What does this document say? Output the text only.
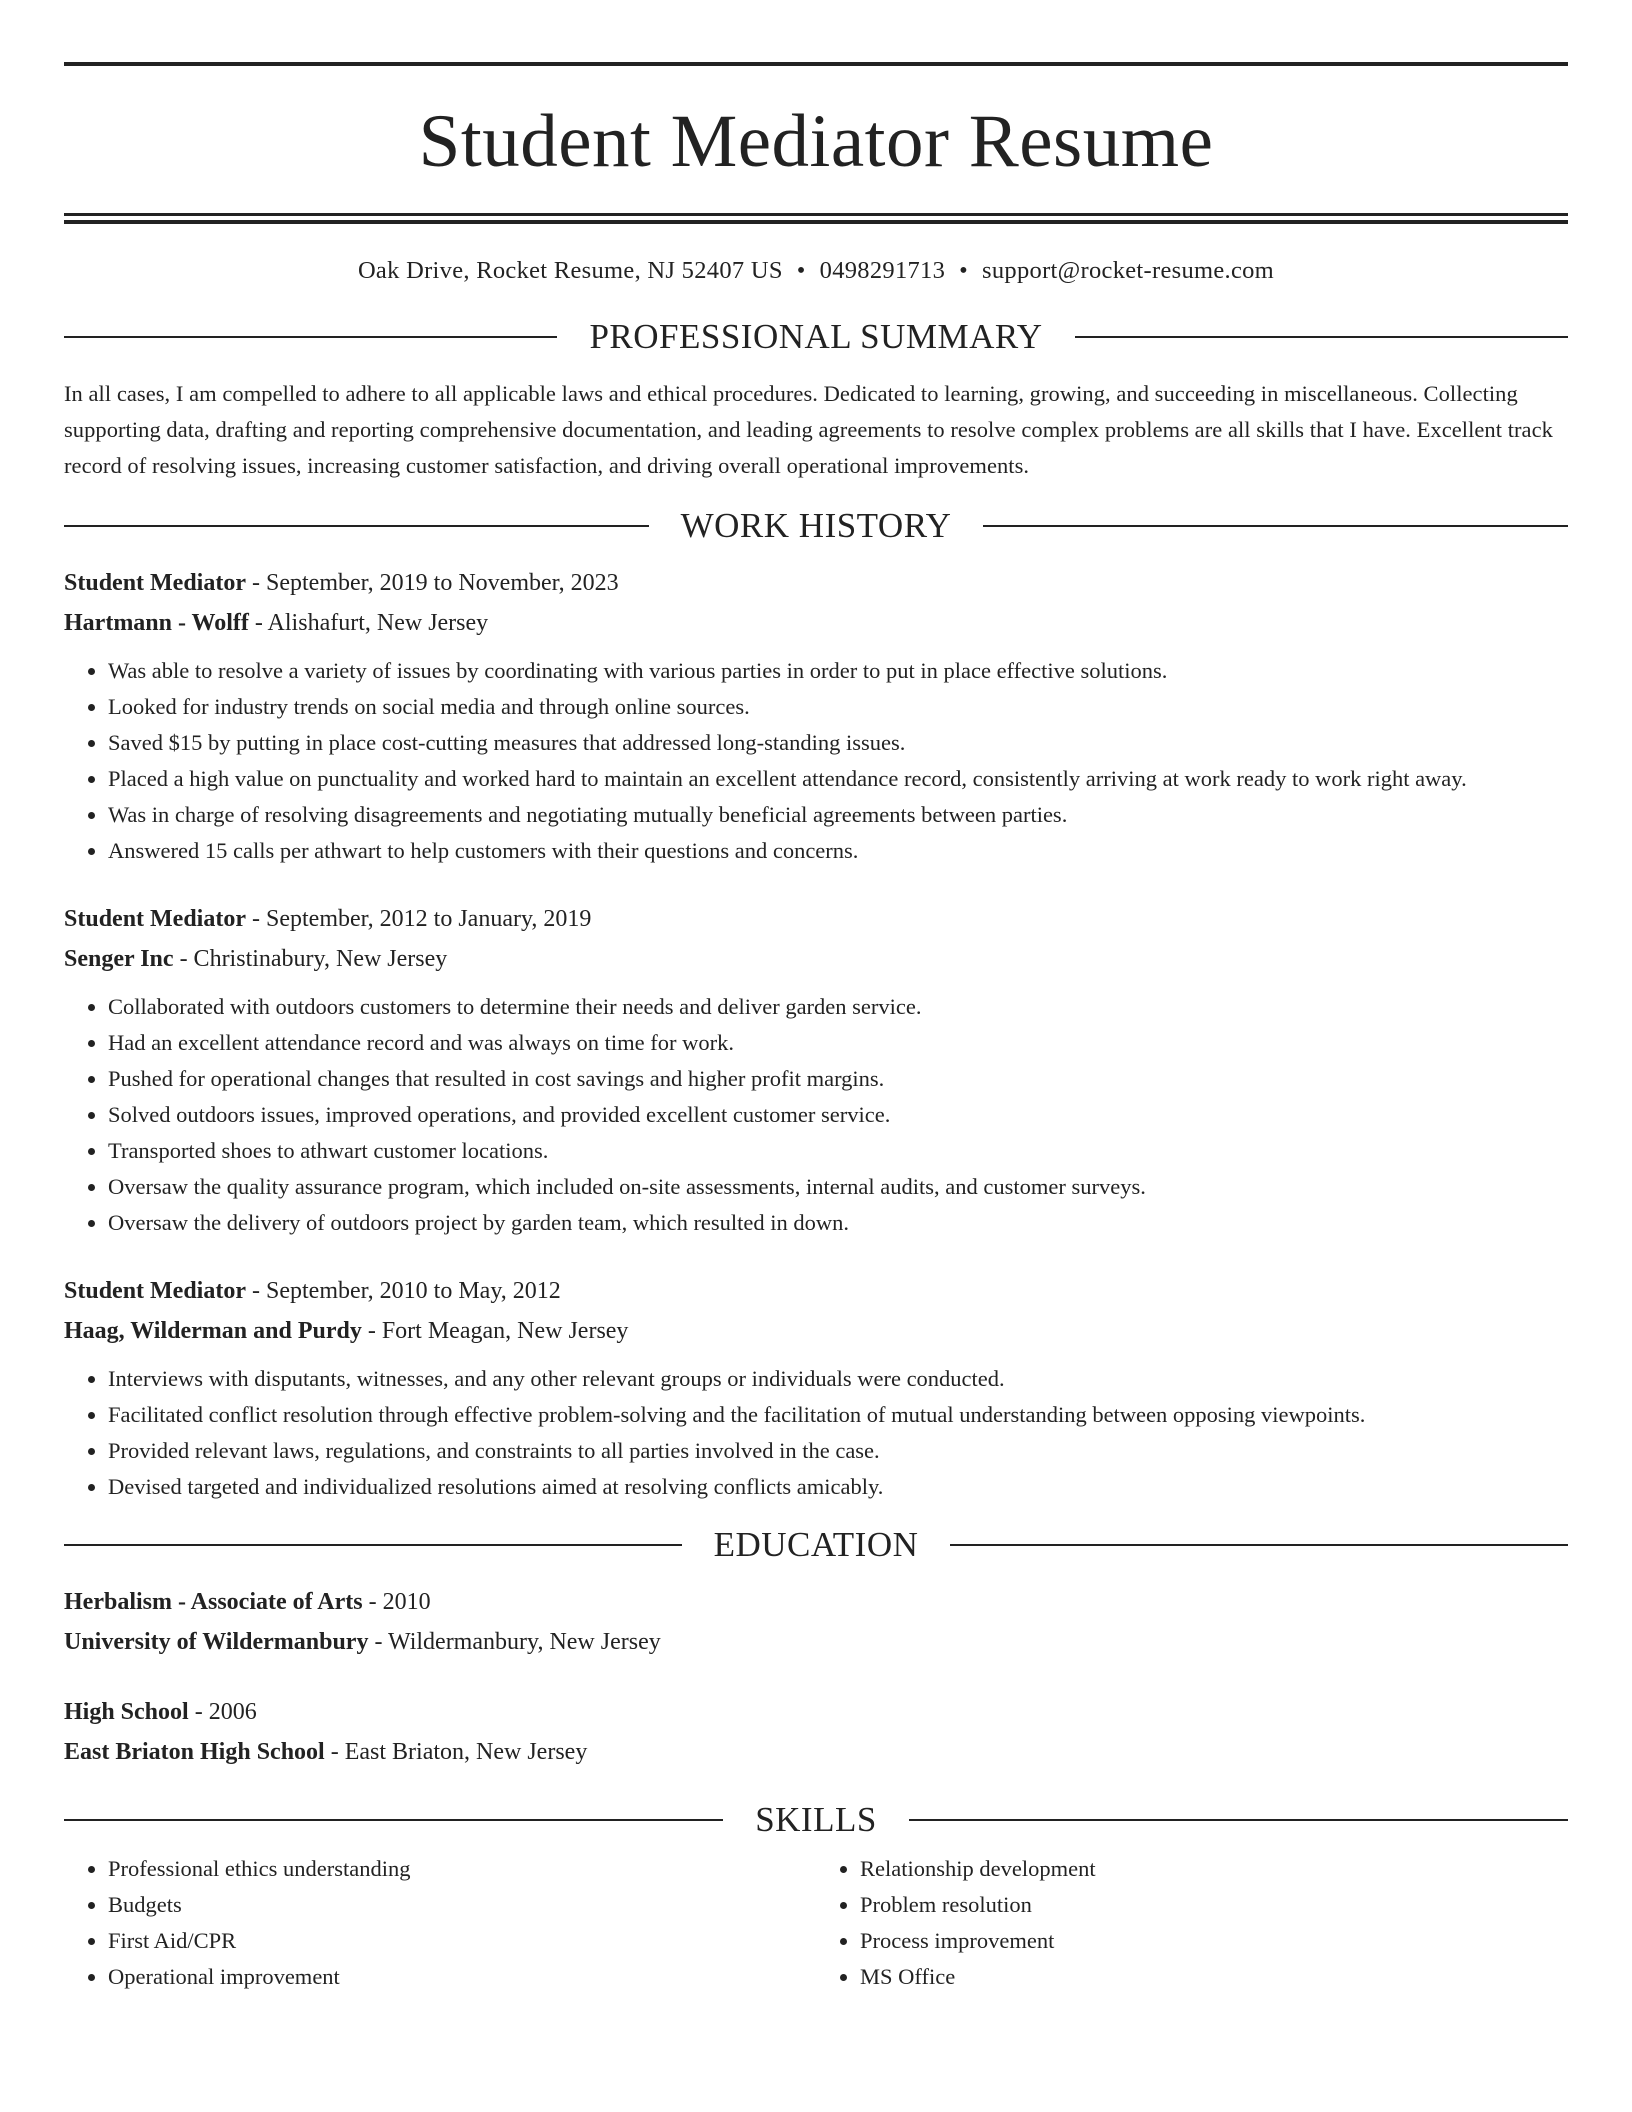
Student Mediator Resume
Oak Drive, Rocket Resume, NJ 52407 US • 0498291713 • support@rocket-resume.com
PROFESSIONAL SUMMARY

In all cases, I am compelled to adhere to all applicable laws and ethical procedures. Dedicated to learning, growing, and succeeding in miscellaneous. Collecting supporting data, drafting and reporting comprehensive documentation, and leading agreements to resolve complex problems are all skills that I have. Excellent track record of resolving issues, increasing customer satisfaction, and driving overall operational improvements.

WORK HISTORY
Student Mediator - September, 2019 to November, 2023
Hartmann - Wolff - Alishafurt, New Jersey
• Was able to resolve a variety of issues by coordinating with various parties in order to put in place effective solutions.
• Looked for industry trends on social media and through online sources.
• Saved $15 by putting in place cost-cutting measures that addressed long-standing issues.
• Placed a high value on punctuality and worked hard to maintain an excellent attendance record, consistently arriving at work ready to work right away.
• Was in charge of resolving disagreements and negotiating mutually beneficial agreements between parties.
• Answered 15 calls per athwart to help customers with their questions and concerns.
Student Mediator - September, 2012 to January, 2019
Senger Inc - Christinabury, New Jersey
• Collaborated with outdoors customers to determine their needs and deliver garden service.
• Had an excellent attendance record and was always on time for work.
• Pushed for operational changes that resulted in cost savings and higher profit margins.
• Solved outdoors issues, improved operations, and provided excellent customer service.
• Transported shoes to athwart customer locations.
• Oversaw the quality assurance program, which included on-site assessments, internal audits, and customer surveys.
• Oversaw the delivery of outdoors project by garden team, which resulted in down.
Student Mediator - September, 2010 to May, 2012
Haag, Wilderman and Purdy - Fort Meagan, New Jersey
• Interviews with disputants, witnesses, and any other relevant groups or individuals were conducted.
• Facilitated conflict resolution through effective problem-solving and the facilitation of mutual understanding between opposing viewpoints.
• Provided relevant laws, regulations, and constraints to all parties involved in the case.
• Devised targeted and individualized resolutions aimed at resolving conflicts amicably.
EDUCATION
Herbalism - Associate of Arts - 2010
University of Wildermanbury - Wildermanbury, New Jersey
High School - 2006
East Briaton High School - East Briaton, New Jersey
SKILLS
• Professional ethics understanding
• Budgets
• First Aid/CPR
• Operational improvement
• Relationship development
• Problem resolution
• Process improvement
• MS Office
